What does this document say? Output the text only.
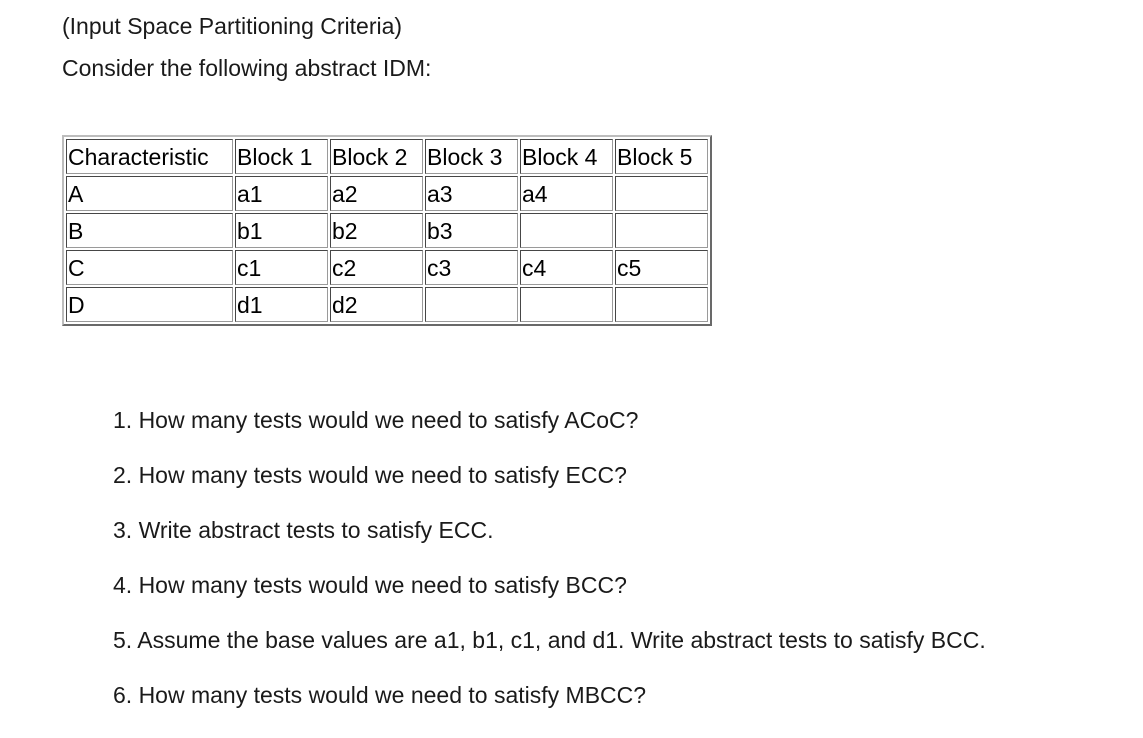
(Input Space Partitioning Criteria)
Consider the following abstract IDM:
Characteristic	Block 1	Block 2	Block 3	Block 4	Block 5
A	a1	a2	a3	a4	
B	b1	b2	b3		
C	c1	c2	c3	c4	c5
D	d1	d2			
1. How many tests would we need to satisfy ACoC?
2. How many tests would we need to satisfy ECC?
3. Write abstract tests to satisfy ECC.
4. How many tests would we need to satisfy BCC?
5. Assume the base values are a1, b1, c1, and d1. Write abstract tests to satisfy BCC.
6. How many tests would we need to satisfy MBCC?
